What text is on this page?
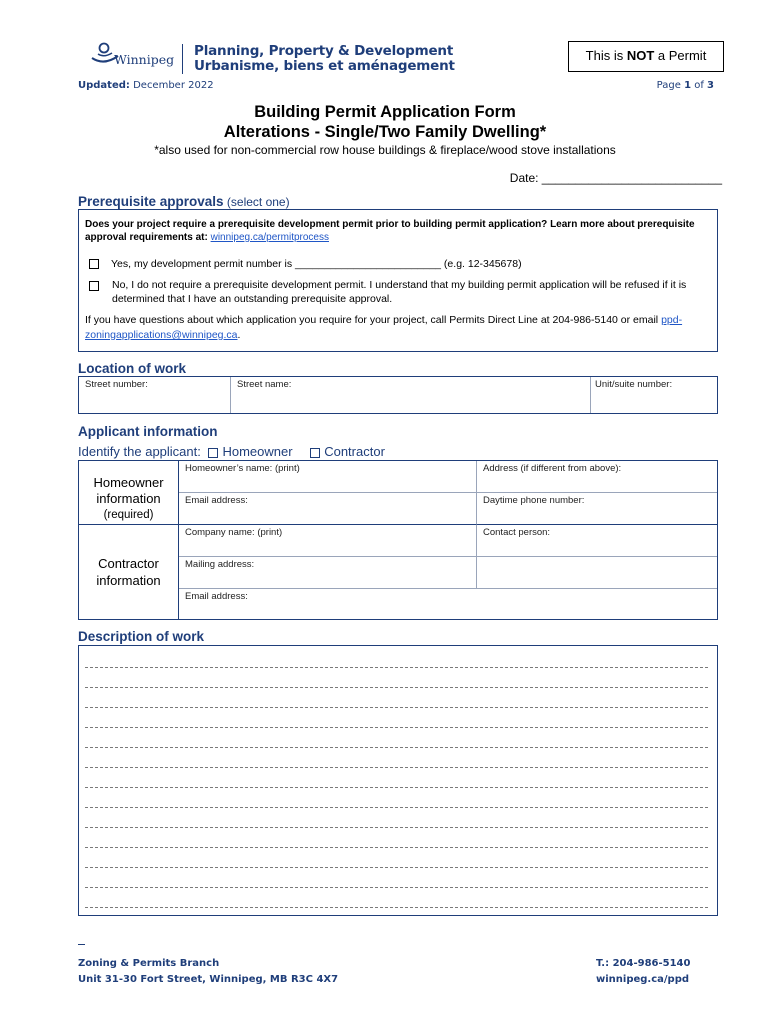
Winnipeg
Planning, Property & Development
Urbanisme, biens et aménagement
This is NOT a Permit
Updated: December 2022	Page 1 of 3
Building Permit Application Form
Alterations - Single/Two Family Dwelling*
*also used for non-commercial row house buildings & fireplace/wood stove installations
Date: ___________________________
Prerequisite approvals (select one)
Does your project require a prerequisite development permit prior to building permit application? Learn more about prerequisite approval requirements at: winnipeg.ca/permitprocess
Yes, my development permit number is _________________________ (e.g. 12-345678)
No, I do not require a prerequisite development permit. I understand that my building permit application will be refused if it is determined that I have an outstanding prerequisite approval.
If you have questions about which application you require for your project, call Permits Direct Line at 204-986-5140 or email ppd-zoningapplications@winnipeg.ca.
Location of work
Street number:	Street name:	Unit/suite number:
Applicant information
Identify the applicant: Homeowner Contractor
Homeowner
information
(required)
Contractor
information
Homeowner’s name: (print)	Address (if different from above):
Email address:	Daytime phone number:
Company name: (print)	Contact person:
Mailing address:
Email address:
Description of work
Zoning & Permits Branch
Unit 31-30 Fort Street, Winnipeg, MB R3C 4X7
T.: 204-986-5140
winnipeg.ca/ppd
